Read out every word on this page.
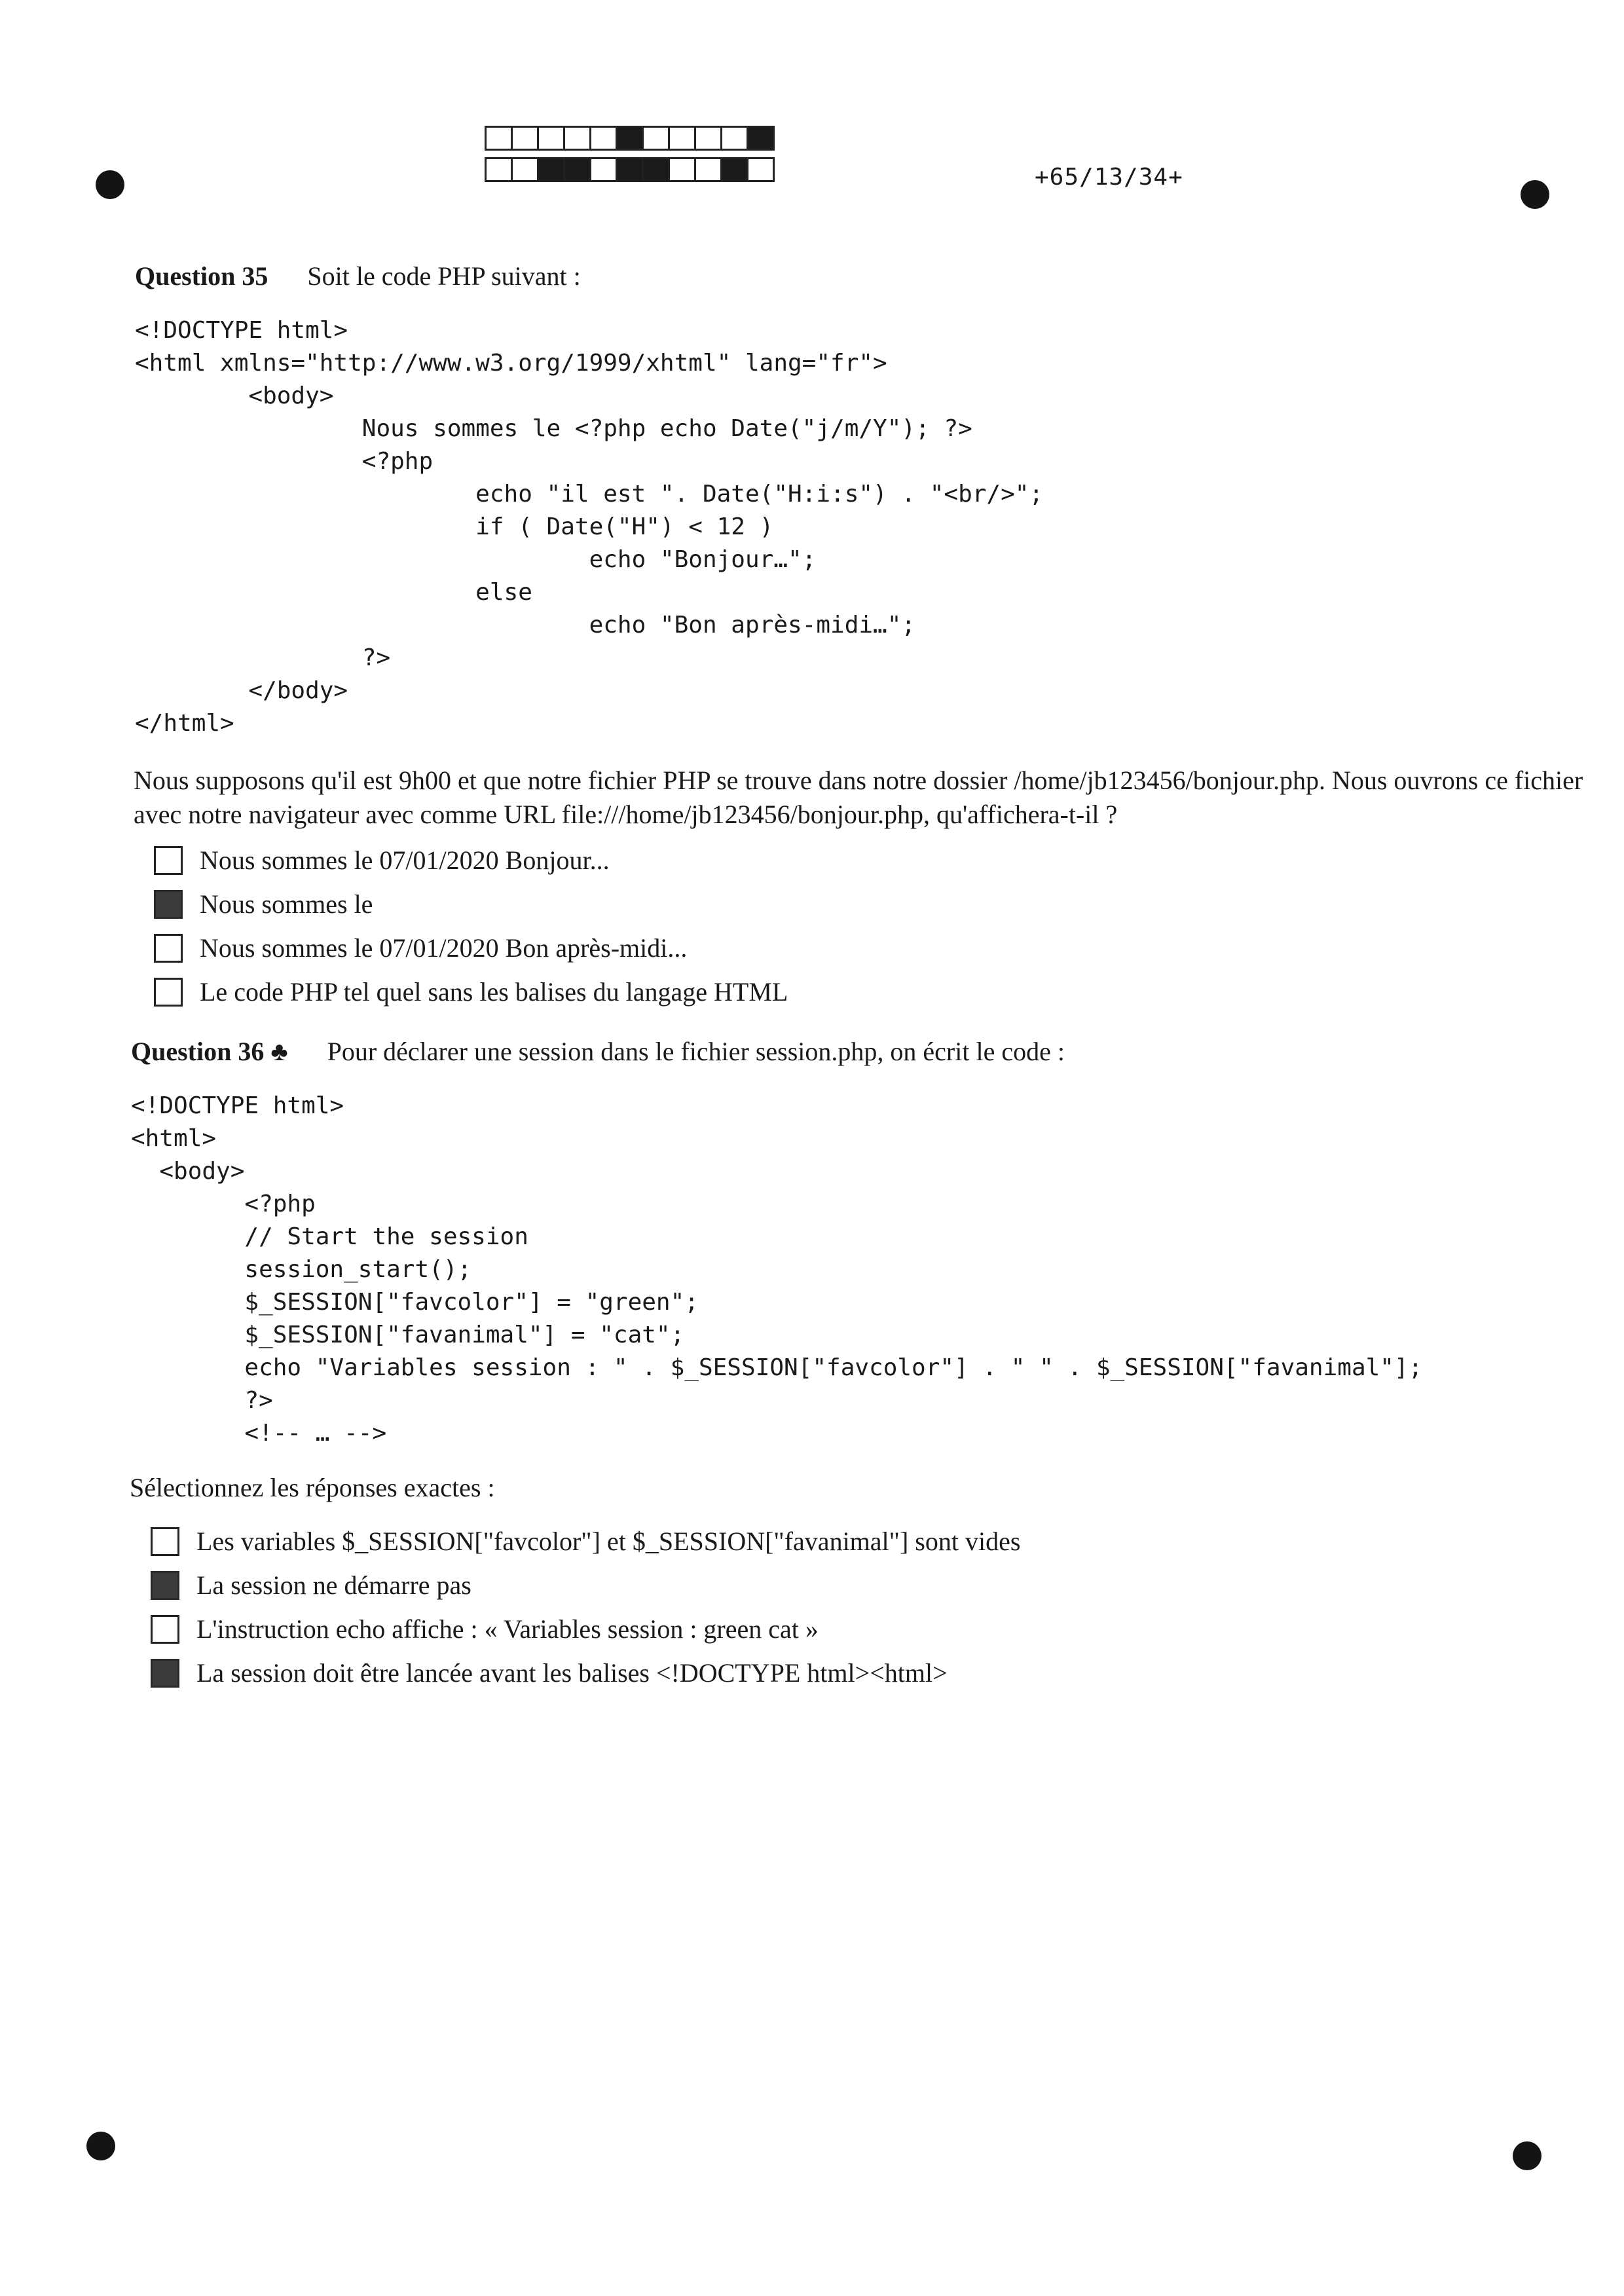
+65/13/34+
Question 35 Soit le code PHP suivant :
<!DOCTYPE html>
<html xmlns="http://www.w3.org/1999/xhtml" lang="fr">
<body>
Nous sommes le <?php echo Date("j/m/Y"); ?>
<?php
echo "il est ". Date("H:i:s") . "<br/>";
if ( Date("H") < 12 )
echo "Bonjour…";
else
echo "Bon après-midi…";
?>
</body>
</html>
Nous supposons qu'il est 9h00 et que notre fichier PHP se trouve dans notre dossier /home/jb123456/bonjour.php. Nous ouvrons ce fichier avec notre navigateur avec comme URL file:///home/jb123456/bonjour.php, qu'affichera-t-il ?
Nous sommes le 07/01/2020 Bonjour...
Nous sommes le
Nous sommes le 07/01/2020 Bon après-midi...
Le code PHP tel quel sans les balises du langage HTML
Question 36 ♣ Pour déclarer une session dans le fichier session.php, on écrit le code :
<!DOCTYPE html>
<html>
<body>
<?php
// Start the session
session_start();
$_SESSION["favcolor"] = "green";
$_SESSION["favanimal"] = "cat";
echo "Variables session : " . $_SESSION["favcolor"] . " " . $_SESSION["favanimal"];
?>
<!-- … -->
Sélectionnez les réponses exactes :
Les variables $_SESSION["favcolor"] et $_SESSION["favanimal"] sont vides
La session ne démarre pas
L'instruction echo affiche : « Variables session : green cat »
La session doit être lancée avant les balises <!DOCTYPE html><html>
